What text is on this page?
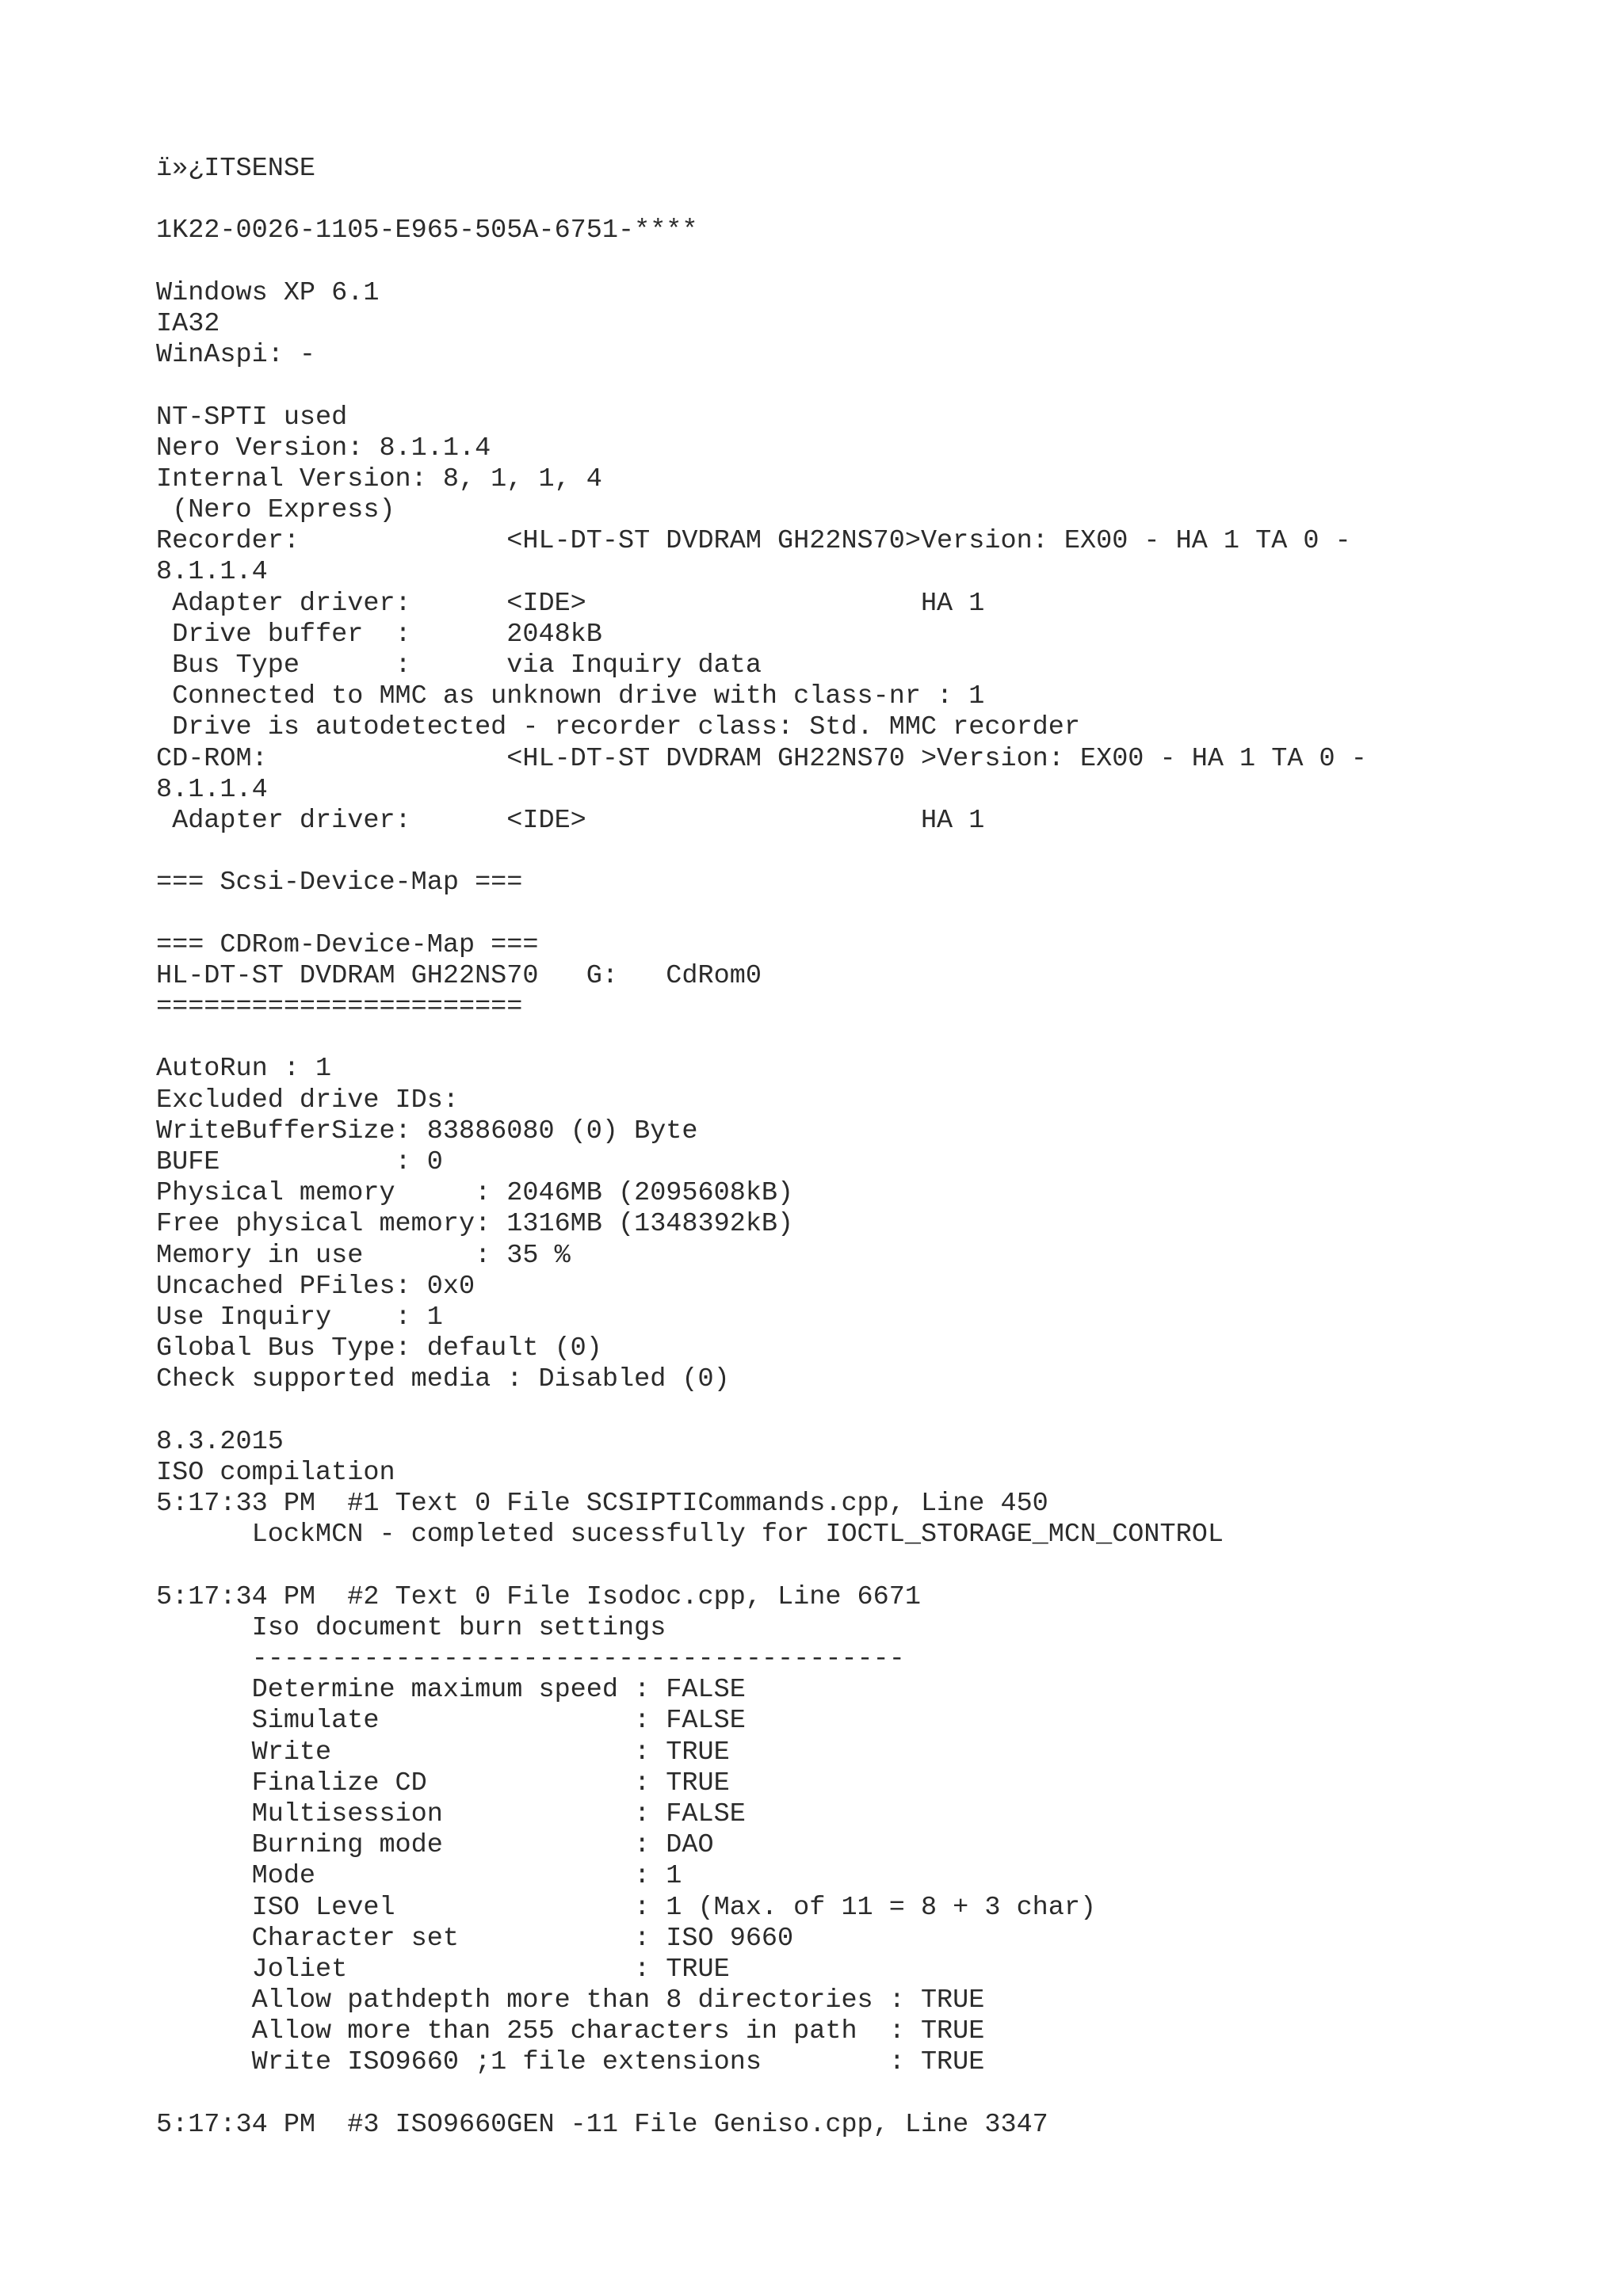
ï»¿ITSENSE
1K22-0026-1105-E965-505A-6751-****
Windows XP 6.1
IA32
WinAspi: -
NT-SPTI used
Nero Version: 8.1.1.4
Internal Version: 8, 1, 1, 4
(Nero Express)
Recorder:             <HL-DT-ST DVDRAM GH22NS70>Version: EX00 - HA 1 TA 0 -
8.1.1.4
Adapter driver:      <IDE>                     HA 1
Drive buffer  :      2048kB
Bus Type      :      via Inquiry data
Connected to MMC as unknown drive with class-nr : 1
Drive is autodetected - recorder class: Std. MMC recorder
CD-ROM:               <HL-DT-ST DVDRAM GH22NS70 >Version: EX00 - HA 1 TA 0 -
8.1.1.4
Adapter driver:      <IDE>                     HA 1
=== Scsi-Device-Map ===
=== CDRom-Device-Map ===
HL-DT-ST DVDRAM GH22NS70   G:   CdRom0
=======================
AutoRun : 1
Excluded drive IDs:
WriteBufferSize: 83886080 (0) Byte
BUFE           : 0
Physical memory     : 2046MB (2095608kB)
Free physical memory: 1316MB (1348392kB)
Memory in use       : 35 %
Uncached PFiles: 0x0
Use Inquiry    : 1
Global Bus Type: default (0)
Check supported media : Disabled (0)
8.3.2015
ISO compilation
5:17:33 PM  #1 Text 0 File SCSIPTICommands.cpp, Line 450
LockMCN - completed sucessfully for IOCTL_STORAGE_MCN_CONTROL
5:17:34 PM  #2 Text 0 File Isodoc.cpp, Line 6671
Iso document burn settings
-----------------------------------------
Determine maximum speed : FALSE
Simulate                : FALSE
Write                   : TRUE
Finalize CD             : TRUE
Multisession            : FALSE
Burning mode            : DAO
Mode                    : 1
ISO Level               : 1 (Max. of 11 = 8 + 3 char)
Character set           : ISO 9660
Joliet                  : TRUE
Allow pathdepth more than 8 directories : TRUE
Allow more than 255 characters in path  : TRUE
Write ISO9660 ;1 file extensions        : TRUE
5:17:34 PM  #3 ISO9660GEN -11 File Geniso.cpp, Line 3347
